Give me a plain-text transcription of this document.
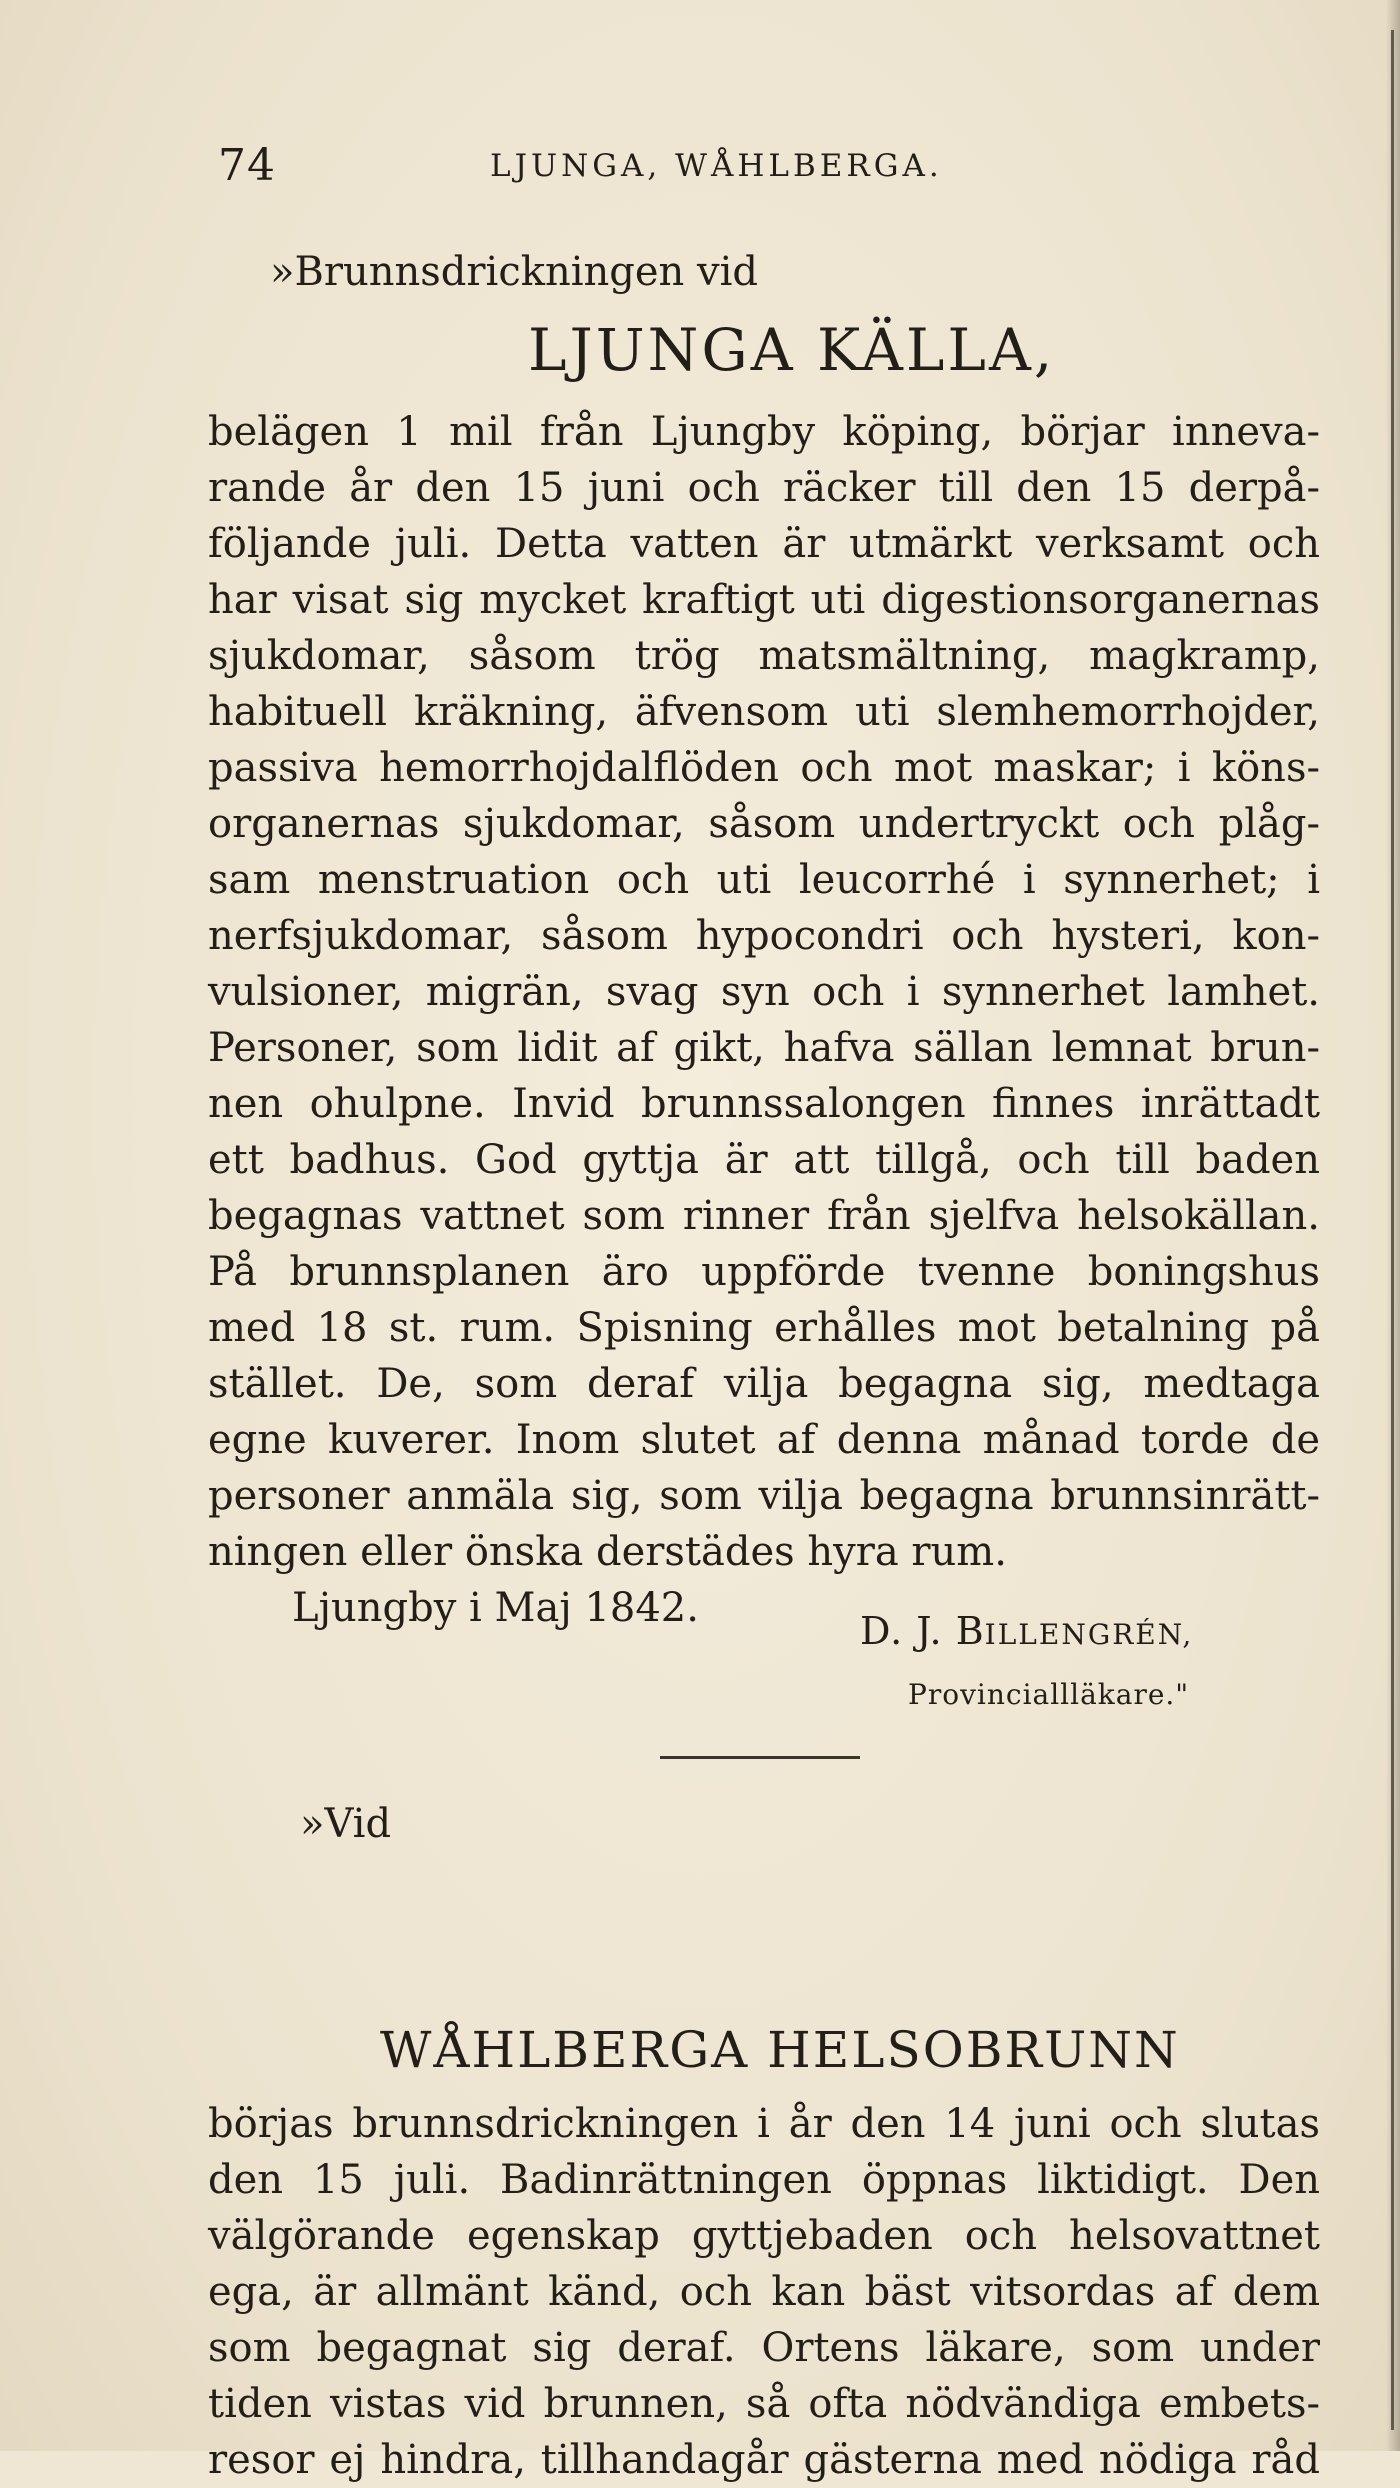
74	LJUNGA, WÅHLBERGA.
»Brunnsdrickningen vid
LJUNGA KÄLLA,
belägen 1 mil från Ljungby köping, börjar inneva-
rande år den 15 juni och räcker till den 15 derpå-
följande juli. Detta vatten är utmärkt verksamt och
har visat sig mycket kraftigt uti digestionsorganernas
sjukdomar, såsom trög matsmältning, magkramp,
habituell kräkning, äfvensom uti slemhemorrhojder,
passiva hemorrhojdalflöden och mot maskar; i köns-
organernas sjukdomar, såsom undertryckt och plåg-
sam menstruation och uti leucorrhé i synnerhet; i
nerfsjukdomar, såsom hypocondri och hysteri, kon-
vulsioner, migrän, svag syn och i synnerhet lamhet.
Personer, som lidit af gikt, hafva sällan lemnat brun-
nen ohulpne. Invid brunnssalongen finnes inrättadt
ett badhus. God gyttja är att tillgå, och till baden
begagnas vattnet som rinner från sjelfva helsokällan.
På brunnsplanen äro uppförde tvenne boningshus
med 18 st. rum. Spisning erhålles mot betalning på
stället. De, som deraf vilja begagna sig, medtaga
egne kuverer. Inom slutet af denna månad torde de
personer anmäla sig, som vilja begagna brunnsinrätt-
ningen eller önska derstädes hyra rum.
Ljungby i Maj 1842.	D. J. BILLENGRÉN,
Provinciallläkare."
»Vid
WÅHLBERGA HELSOBRUNN
börjas brunnsdrickningen i år den 14 juni och slutas
den 15 juli. Badinrättningen öppnas liktidigt. Den
välgörande egenskap gyttjebaden och helsovattnet
ega, är allmänt känd, och kan bäst vitsordas af dem
som begagnat sig deraf. Ortens läkare, som under
tiden vistas vid brunnen, så ofta nödvändiga embets-
resor ej hindra, tillhandagår gästerna med nödiga råd
